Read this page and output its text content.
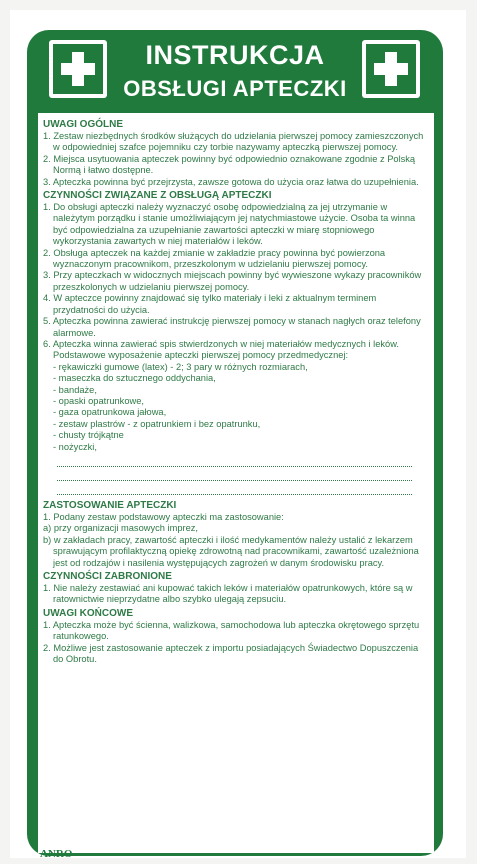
INSTRUKCJA
OBSŁUGI APTECZKI
UWAGI OGÓLNE
1. Zestaw niezbędnych środków służących do udzielania pierwszej pomocy zamieszczonych w odpowiedniej szafce pojemniku czy torbie nazywamy apteczką pierwszej pomocy.
2. Miejsca usytuowania apteczek powinny być odpowiednio oznakowane zgodnie z Polską Normą i łatwo dostępne.
3. Apteczka powinna być przejrzysta, zawsze gotowa do użycia oraz łatwa do uzupełnienia.
CZYNNOŚCI ZWIĄZANE Z OBSŁUGĄ APTECZKI
1. Do obsługi apteczki należy wyznaczyć osobę odpowiedzialną za jej utrzymanie w należytym porządku i stanie umożliwiającym jej natychmiastowe użycie. Osoba ta winna być odpowiedzialna za uzupełnianie zawartości apteczki w miarę stopniowego wykorzystania zawartych w niej materiałów i leków.
2. Obsługa apteczek na każdej zmianie w zakładzie pracy powinna być powierzona wyznaczonym pracownikom, przeszkolonym w udzielaniu pierwszej pomocy.
3. Przy apteczkach w widocznych miejscach powinny być wywieszone wykazy pracowników przeszkolonych w udzielaniu pierwszej pomocy.
4. W apteczce powinny znajdować się tylko materiały i leki z aktualnym terminem przydatności do użycia.
5. Apteczka powinna zawierać instrukcję pierwszej pomocy w stanach nagłych oraz telefony alarmowe.
6. Apteczka winna zawierać spis stwierdzonych w niej materiałów medycznych i leków.
Podstawowe wyposażenie apteczki pierwszej pomocy przedmedycznej:
- rękawiczki gumowe (latex) - 2; 3 pary w różnych rozmiarach,
- maseczka do sztucznego oddychania,
- bandaże,
- opaski opatrunkowe,
- gaza opatrunkowa jałowa,
- zestaw plastrów - z opatrunkiem i bez opatrunku,
- chusty trójkątne
- nożyczki,
ZASTOSOWANIE APTECZKI
1. Podany zestaw podstawowy apteczki ma zastosowanie:
a) przy organizacji masowych imprez,
b) w zakładach pracy, zawartość apteczki i ilość medykamentów należy ustalić z lekarzem sprawującym profilaktyczną opiekę zdrowotną nad pracownikami, zawartość uzależniona jest od rodzajów i nasilenia występujących zagrożeń w danym środowisku pracy.
CZYNNOŚCI ZABRONIONE
1. Nie należy zestawiać ani kupować takich leków i materiałów opatrunkowych, które są w ratownictwie nieprzydatne albo szybko ulegają zepsuciu.
UWAGI KOŃCOWE
1. Apteczka może być ścienna, walizkowa, samochodowa lub apteczka okrętowego sprzętu ratunkowego.
2. Możliwe jest zastosowanie apteczek z importu posiadających Świadectwo Dopuszczenia do Obrotu.
ANRO
